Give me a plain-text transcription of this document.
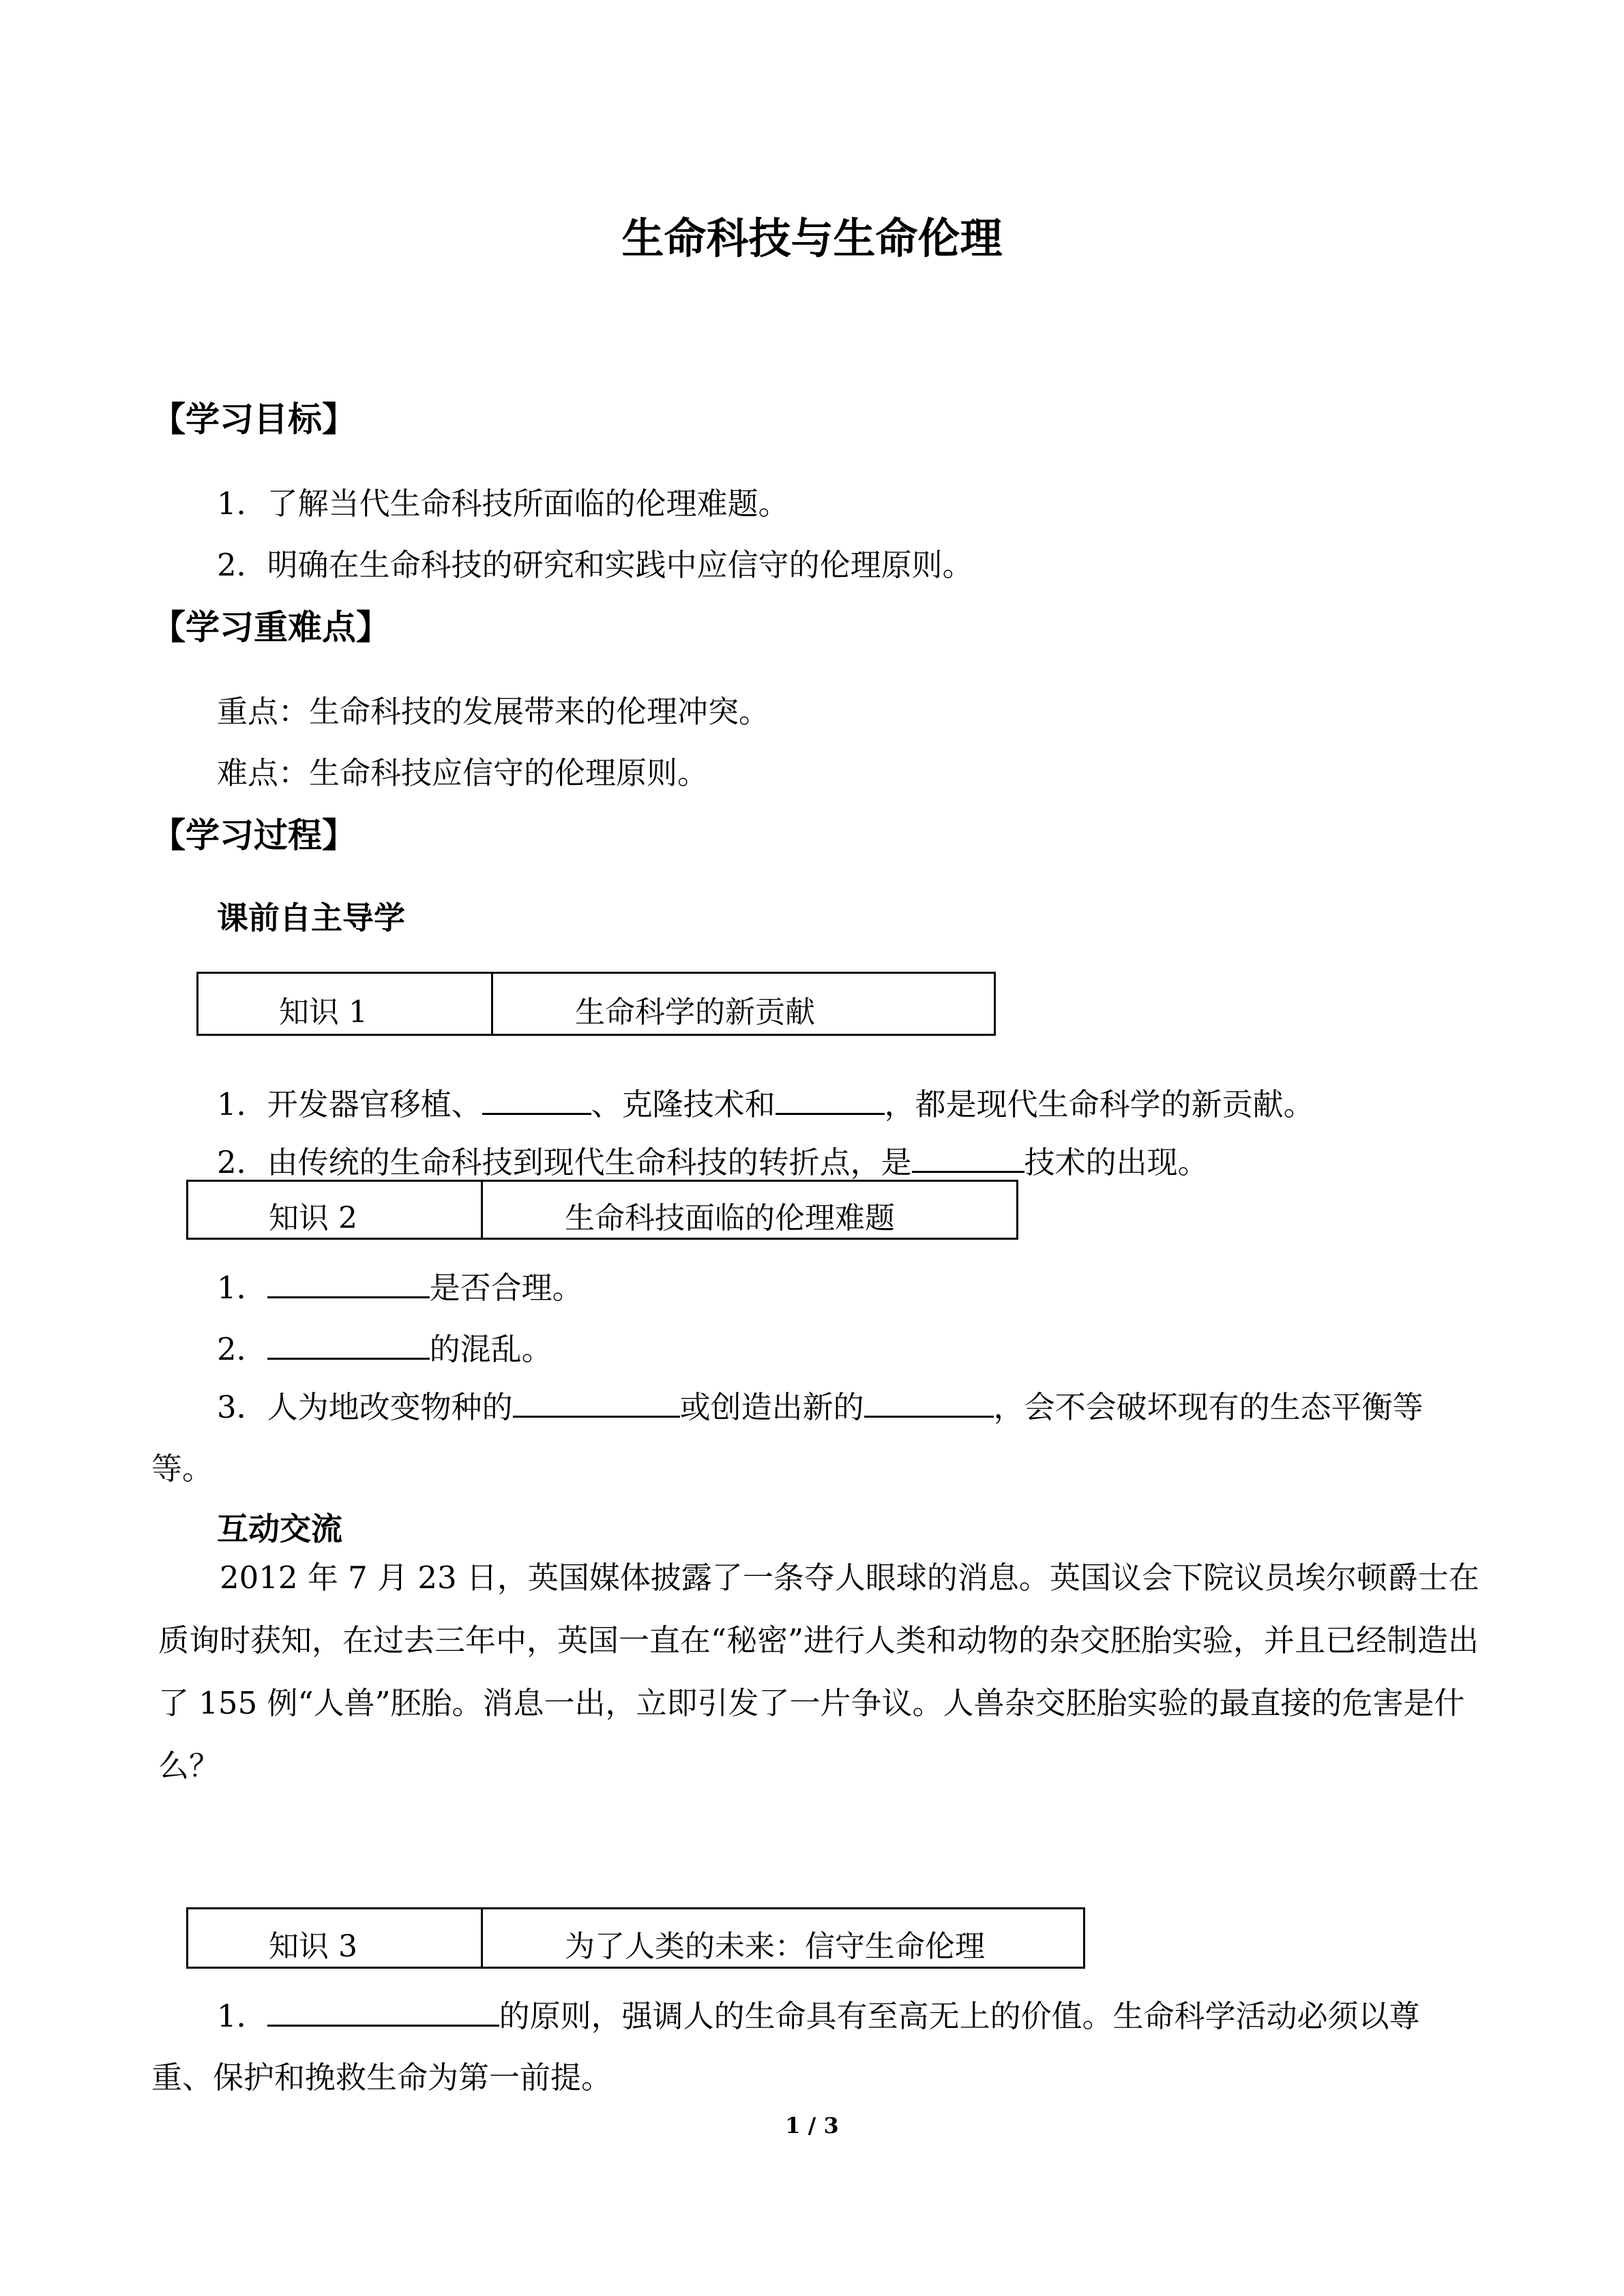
生命科技与生命伦理
【学习目标】
1．了解当代生命科技所面临的伦理难题。
2．明确在生命科技的研究和实践中应信守的伦理原则。
【学习重难点】
重点：生命科技的发展带来的伦理冲突。
难点：生命科技应信守的伦理原则。
【学习过程】
课前自主导学
知识 1	生命科学的新贡献
1．开发器官移植、	、克隆技术和	，都是现代生命科学的新贡献。
2．由传统的生命科技到现代生命科技的转折点，是	技术的出现。
知识 2	生命科技面临的伦理难题
1．	是否合理。
2．	的混乱。
3．人为地改变物种的	或创造出新的	，会不会破坏现有的生态平衡等
等。
互动交流
2012 年 7 月 23 日，英国媒体披露了一条夺人眼球的消息。英国议会下院议员埃尔顿爵士在质询时获知，在过去三年中，英国一直在“秘密”进行人类和动物的杂交胚胎实验，并且已经制造出了 155 例“人兽”胚胎。消息一出，立即引发了一片争议。人兽杂交胚胎实验的最直接的危害是什么？
知识 3	为了人类的未来：信守生命伦理
1．	的原则，强调人的生命具有至高无上的价值。生命科学活动必须以尊
重、保护和挽救生命为第一前提。
1 / 3
